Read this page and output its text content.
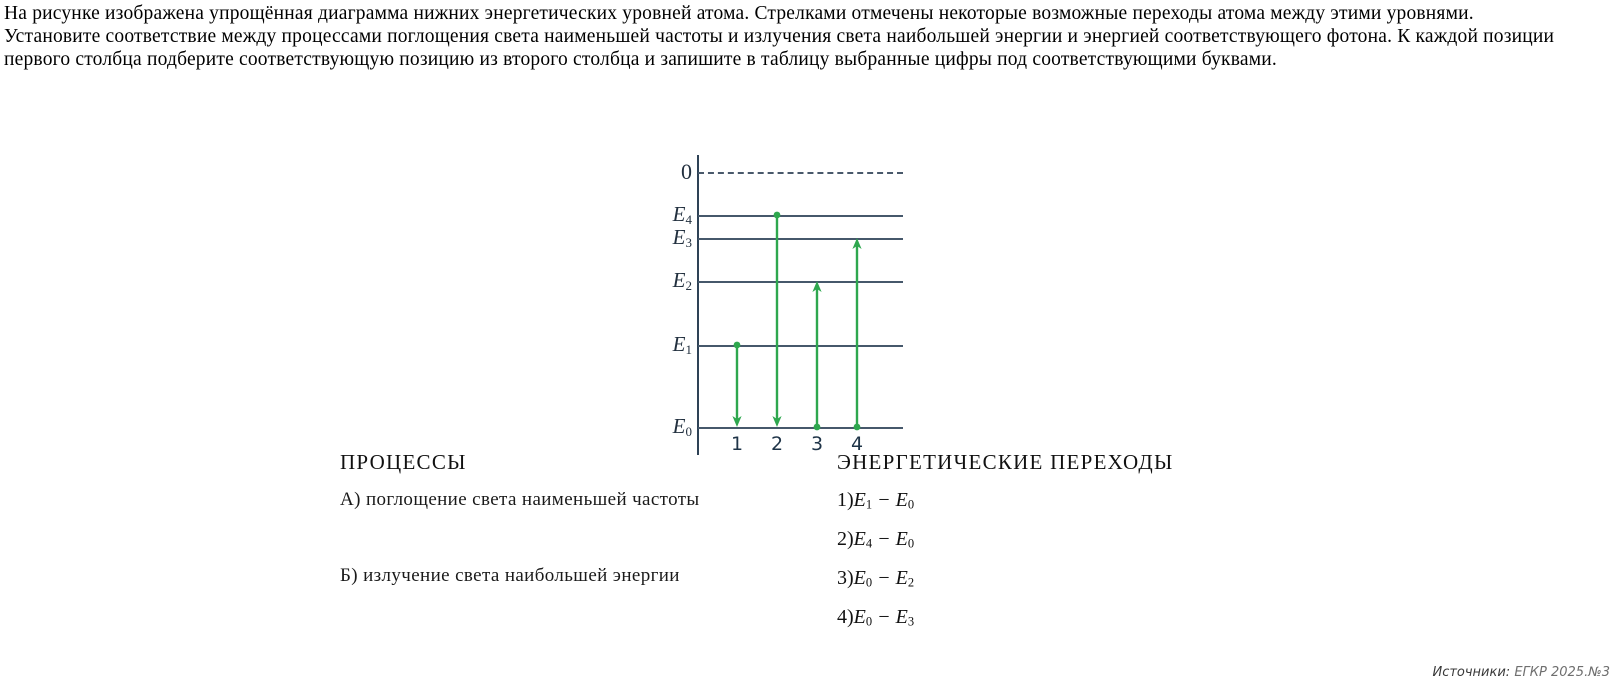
На рисунке изображена упрощённая диаграмма нижних энергетических уровней атома. Стрелками отмечены некоторые возможные переходы атома между этими уровнями.
Установите соответствие между процессами поглощения света наименьшей частоты и излучения света наибольшей энергии и энергией соответствующего фотона. К каждой позиции первого столбца подберите соответствующую позицию из второго столбца и запишите в таблицу выбранные цифры под соответствующими буквами.
0
$E_4$
$E_3$
$E_2$
$E_1$
$E_0$
1 2 3 4
ПРОЦЕССЫ	ЭНЕРГЕТИЧЕСКИЕ ПЕРЕХОДЫ
А) поглощение света наименьшей частоты
Б) излучение света наибольшей энергии
$1)E_1 - E_0$
$2)E_4 - E_0$
$3)E_0 - E_2$
$4)E_0 - E_3$
Источники: ЕГКР 2025.№3
